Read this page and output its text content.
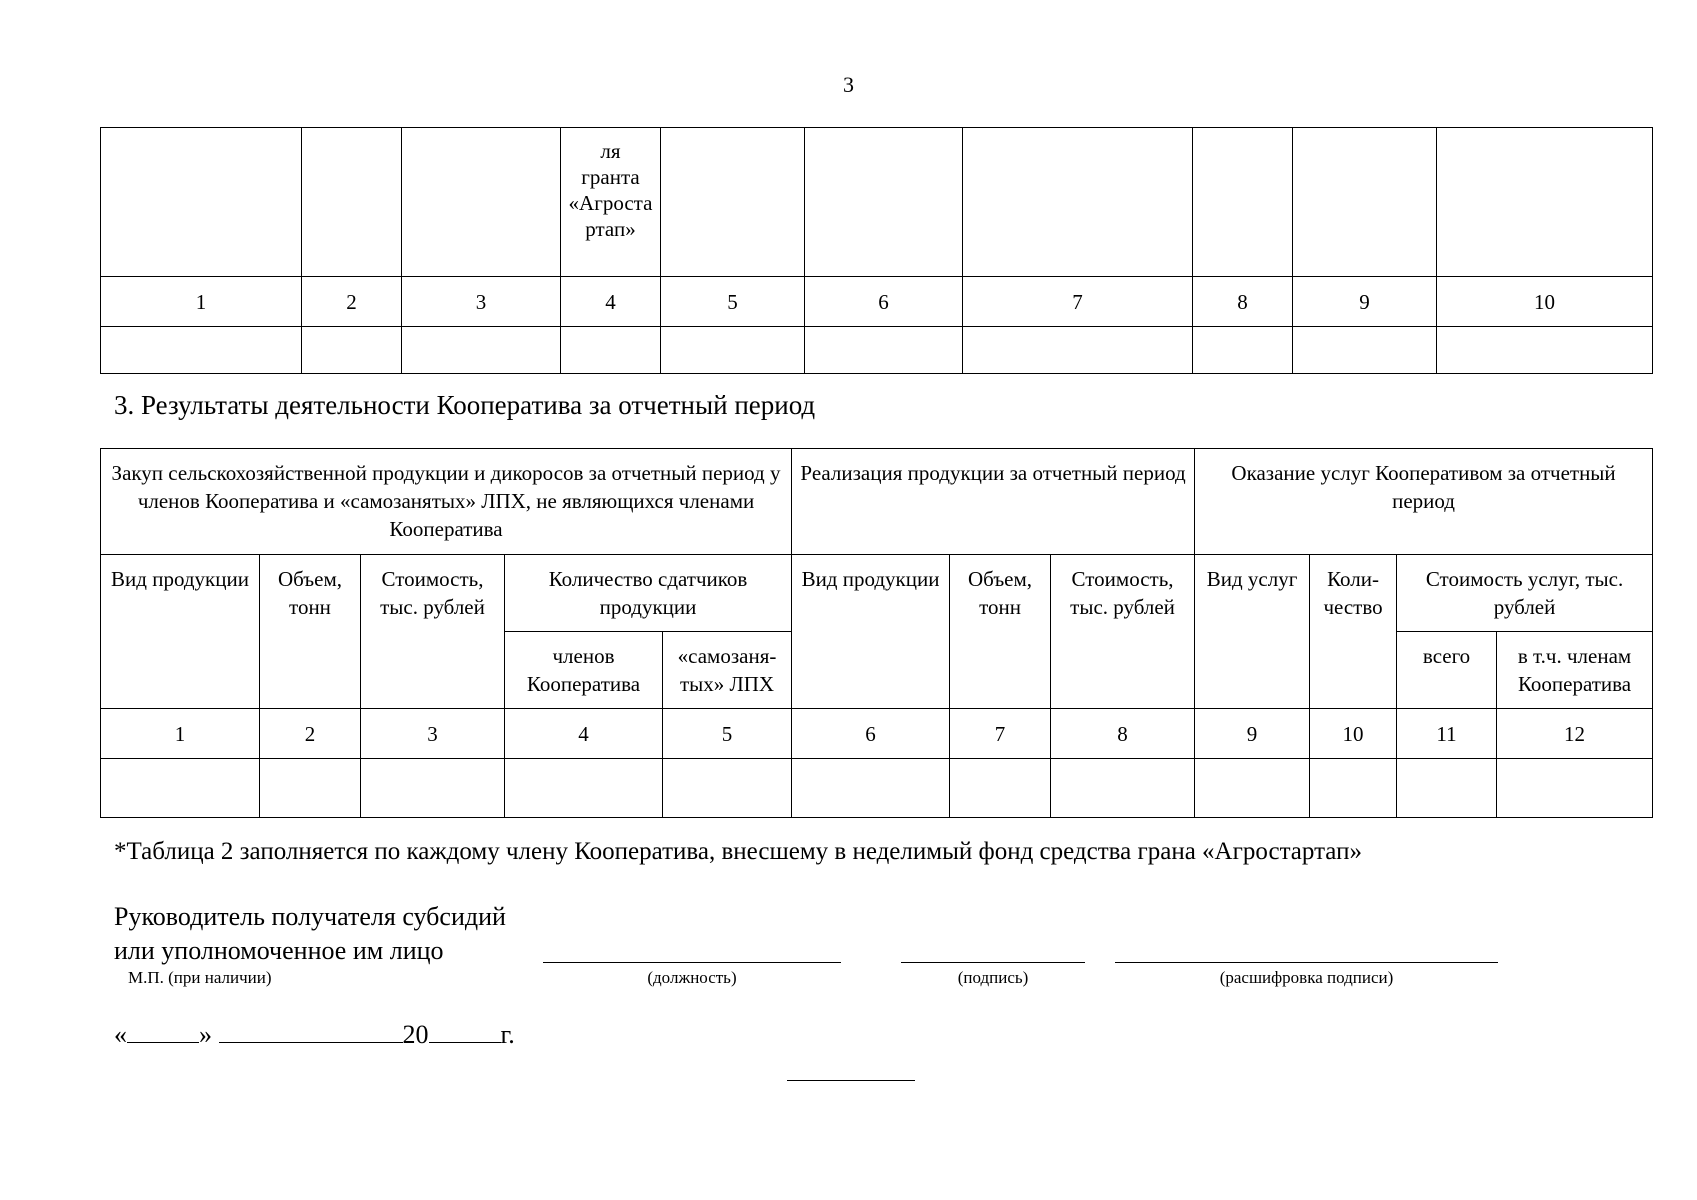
3

			ля
гранта
«Агроста
ртап»						

1	2	3	4	5	6	7	8	9	10

3. Результаты деятельности Кооператива за отчетный период
Закуп сельскохозяйственной продукции и дикоросов за отчетный период у членов Кооператива и «самозанятых» ЛПХ, не являющихся членами Кооператива					Реализация продукции за отчетный период			Оказание услуг Кооперативом за отчетный период			
Вид продукции	Объем, тонн	Стоимость, тыс. рублей	Количество сдатчиков продукции		Вид продукции	Объем, тонн	Стоимость, тыс. рублей	Вид услуг	Коли-чество	Стоимость услуг, тыс. рублей	
			членов Кооператива	«самозаня-тых» ЛПХ						всего	в т.ч. членам Кооператива
1	2	3	4	5	6	7	8	9	10	11	12

*Таблица 2 заполняется по каждому члену Кооператива, внесшему в неделимый фонд средства грана «Агростартап»
Руководитель получателя субсидий
или уполномоченное им лицо
М.П. (при наличии)	(должность)	(подпись)	(расшифровка подписи)
«	»	20	г.
